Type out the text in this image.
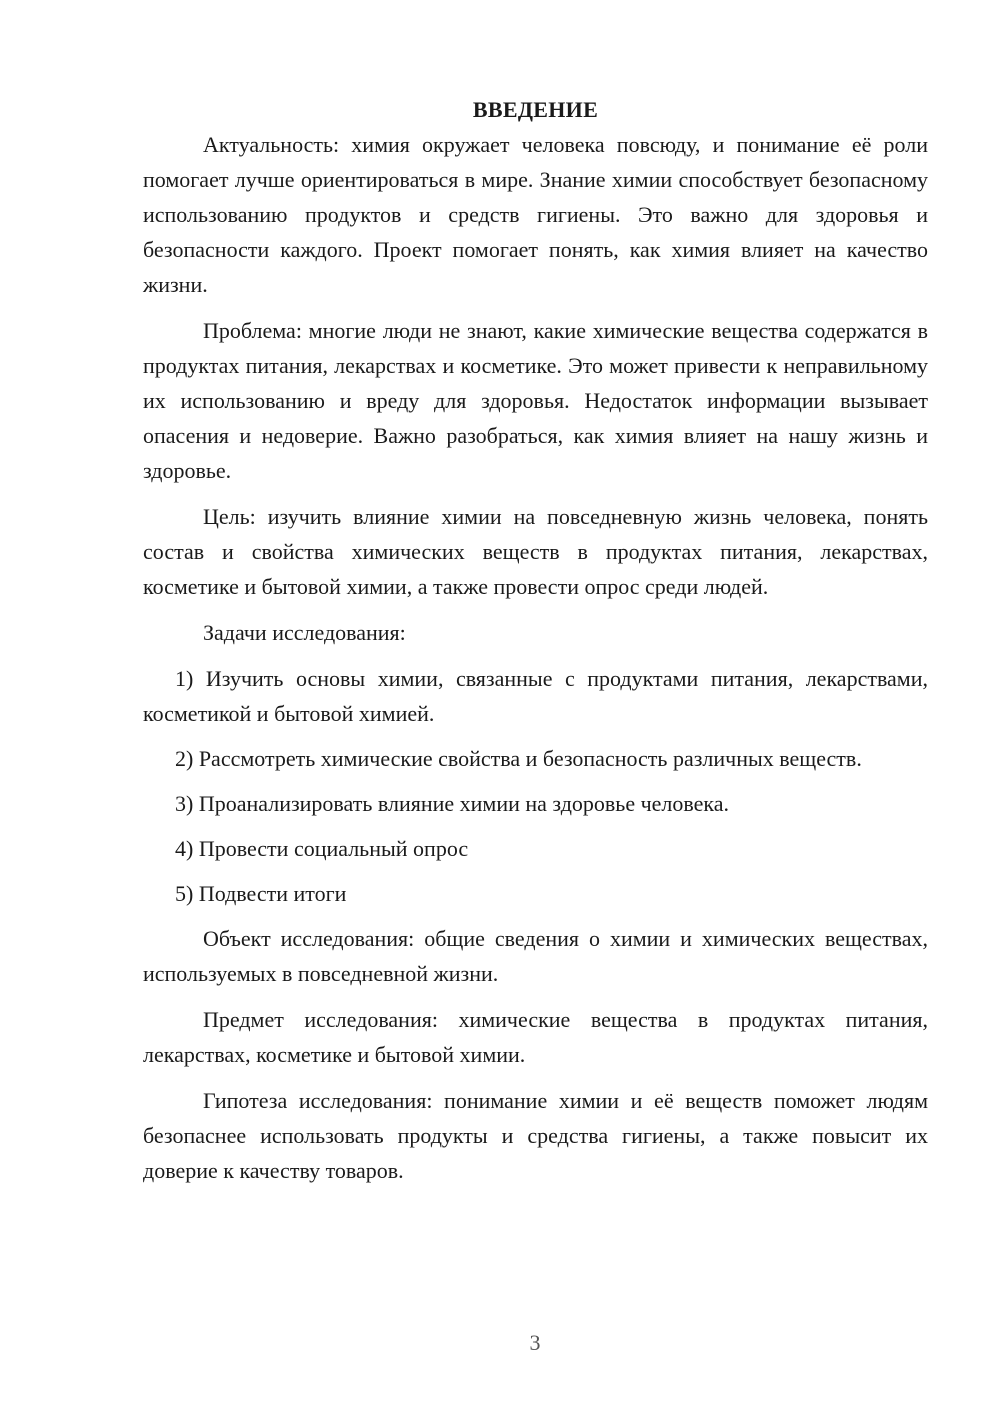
ВВЕДЕНИЕ

Актуальность: химия окружает человека повсюду, и понимание её роли помогает лучше ориентироваться в мире. Знание химии способствует безопасному использованию продуктов и средств гигиены. Это важно для здоровья и безопасности каждого. Проект помогает понять, как химия влияет на качество жизни.

Проблема: многие люди не знают, какие химические вещества содержатся в продуктах питания, лекарствах и косметике. Это может привести к неправильному их использованию и вреду для здоровья. Недостаток информации вызывает опасения и недоверие. Важно разобраться, как химия влияет на нашу жизнь и здоровье.

Цель: изучить влияние химии на повседневную жизнь человека, понять состав и свойства химических веществ в продуктах питания, лекарствах, косметике и бытовой химии, а также провести опрос среди людей.

Задачи исследования:

1) Изучить основы химии, связанные с продуктами питания, лекарствами, косметикой и бытовой химией.

2) Рассмотреть химические свойства и безопасность различных веществ.

3) Проанализировать влияние химии на здоровье человека.

4) Провести социальный опрос

5) Подвести итоги

Объект исследования: общие сведения о химии и химических веществах, используемых в повседневной жизни.

Предмет исследования: химические вещества в продуктах питания, лекарствах, косметике и бытовой химии.

Гипотеза исследования: понимание химии и её веществ поможет людям безопаснее использовать продукты и средства гигиены, а также повысит их доверие к качеству товаров.

3
